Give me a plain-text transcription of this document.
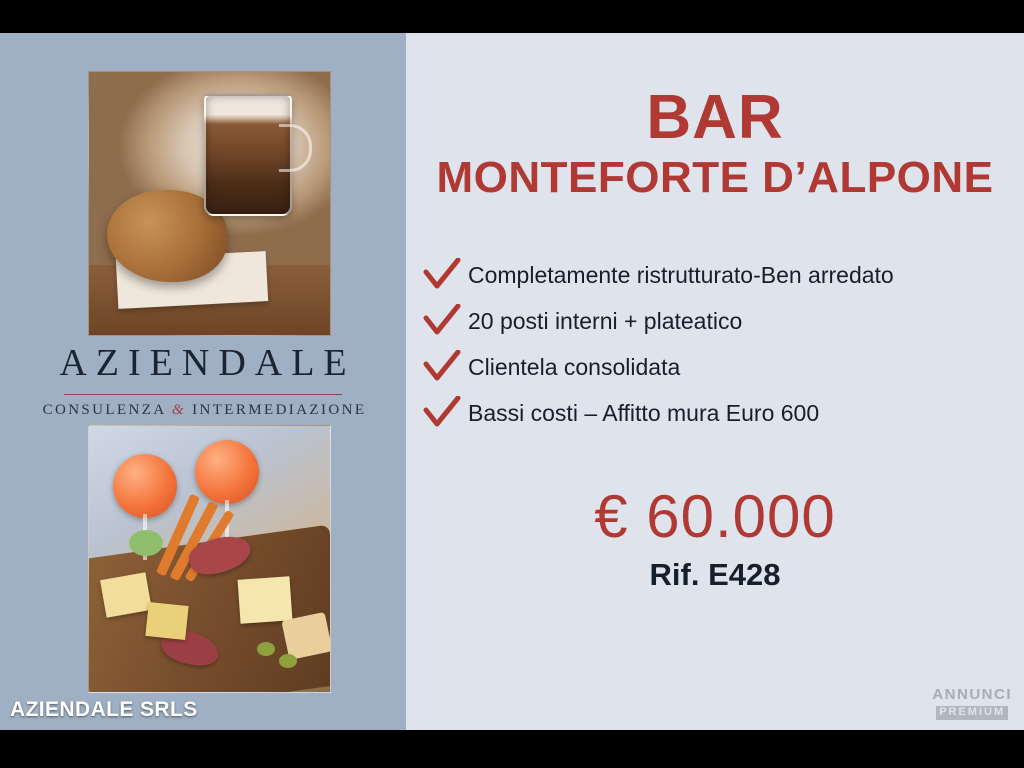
AZIENDALE

CONSULENZA & INTERMEDIAZIONE

AZIENDALE SRLS
BAR
MONTEFORTE D’ALPONE
Completamente ristrutturato-Ben arredato
20 posti interni + plateatico
Clientela consolidata
Bassi costi – Affitto mura Euro 600
€ 60.000
Rif. E428
ANNUNCI
PREMIUM
